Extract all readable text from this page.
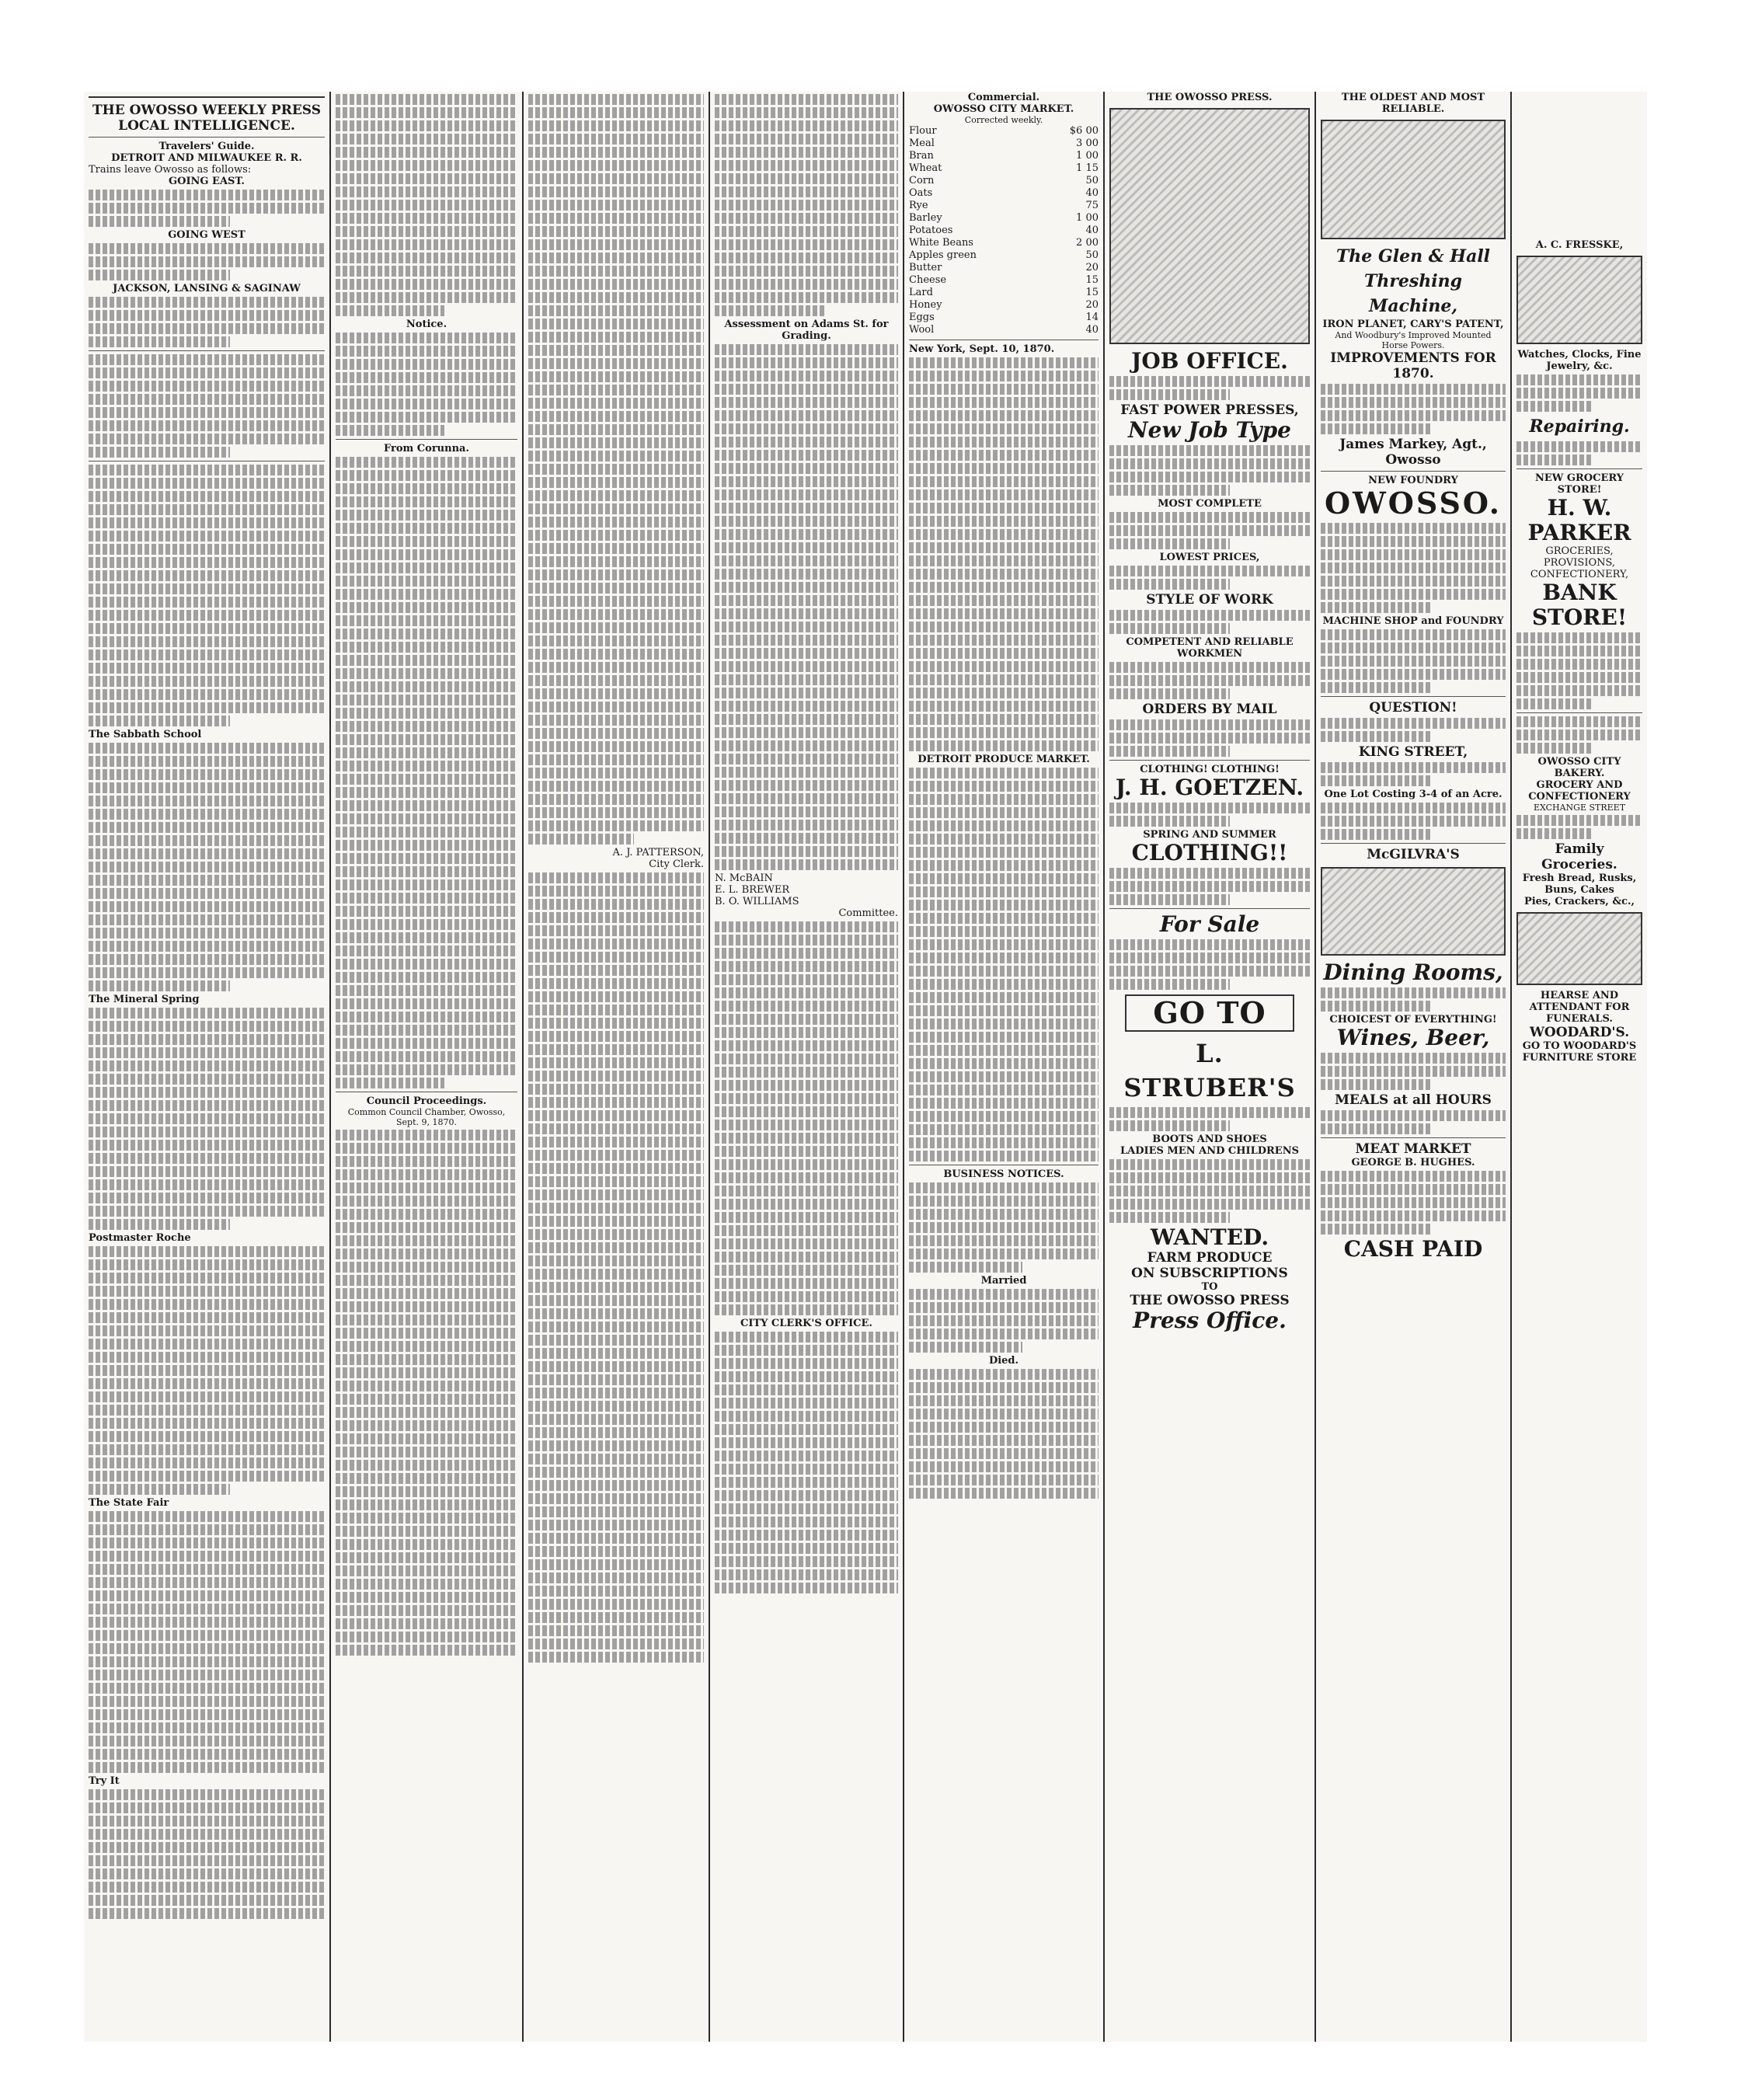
THE OWOSSO WEEKLY PRESS
LOCAL INTELLIGENCE.
Travelers' Guide.
DETROIT AND MILWAUKEE R. R.
Trains leave Owosso as follows:
GOING EAST.
GOING WEST
JACKSON, LANSING & SAGINAW
The Sabbath School
The Mineral Spring
Postmaster Roche
The State Fair
Try It
Notice.
From Corunna.
Council Proceedings.
Common Council Chamber, Owosso, Sept. 9, 1870.
A. J. PATTERSON,
City Clerk.
Assessment on Adams St. for Grading.
N. McBAIN
E. L. BREWER
B. O. WILLIAMS
Committee.
CITY CLERK'S OFFICE.
Commercial.
OWOSSO CITY MARKET.
Corrected weekly.
Flour	$6 00
Meal	3 00
Bran	1 00
Wheat	1 15
Corn	50
Oats	40
Rye	75
Barley	1 00
Potatoes	40
White Beans	2 00
Apples green	50
Butter	20
Cheese	15
Lard	15
Honey	20
Eggs	14
Wool	40
New York, Sept. 10, 1870.
DETROIT PRODUCE MARKET.
BUSINESS NOTICES.
Married
Died.
THE OWOSSO PRESS.
JOB OFFICE.
FAST POWER PRESSES,
New Job Type
MOST COMPLETE
LOWEST PRICES,
STYLE OF WORK
COMPETENT AND RELIABLE WORKMEN
ORDERS BY MAIL
CLOTHING! CLOTHING!
J. H. GOETZEN.
SPRING AND SUMMER
CLOTHING!!
For Sale
GO TO
L. STRUBER'S
BOOTS AND SHOES
LADIES MEN AND CHILDRENS
WANTED.
FARM PRODUCE
ON SUBSCRIPTIONS
TO
THE OWOSSO PRESS
Press Office.
THE OLDEST AND MOST RELIABLE.
The Glen & Hall Threshing Machine,
IRON PLANET, CARY'S PATENT,
And Woodbury's Improved Mounted Horse Powers.
IMPROVEMENTS FOR 1870.
James Markey, Agt., Owosso
NEW FOUNDRY
OWOSSO.
MACHINE SHOP and FOUNDRY
QUESTION!
KING STREET,
One Lot Costing 3-4 of an Acre.
McGILVRA'S
Dining Rooms,
CHOICEST OF EVERYTHING!
Wines, Beer,
MEALS at all HOURS
MEAT MARKET
GEORGE B. HUGHES.
CASH PAID
A. C. FRESSKE,
Watches, Clocks, Fine Jewelry, &c.
Repairing.
NEW GROCERY STORE!
H. W. PARKER
GROCERIES,
PROVISIONS,
CONFECTIONERY,
BANK STORE!
OWOSSO CITY BAKERY.
GROCERY AND CONFECTIONERY
EXCHANGE STREET
Family Groceries.
Fresh Bread, Rusks, Buns, Cakes
Pies, Crackers, &c.,
HEARSE AND ATTENDANT FOR FUNERALS.
WOODARD'S.
GO TO WOODARD'S
FURNITURE STORE
